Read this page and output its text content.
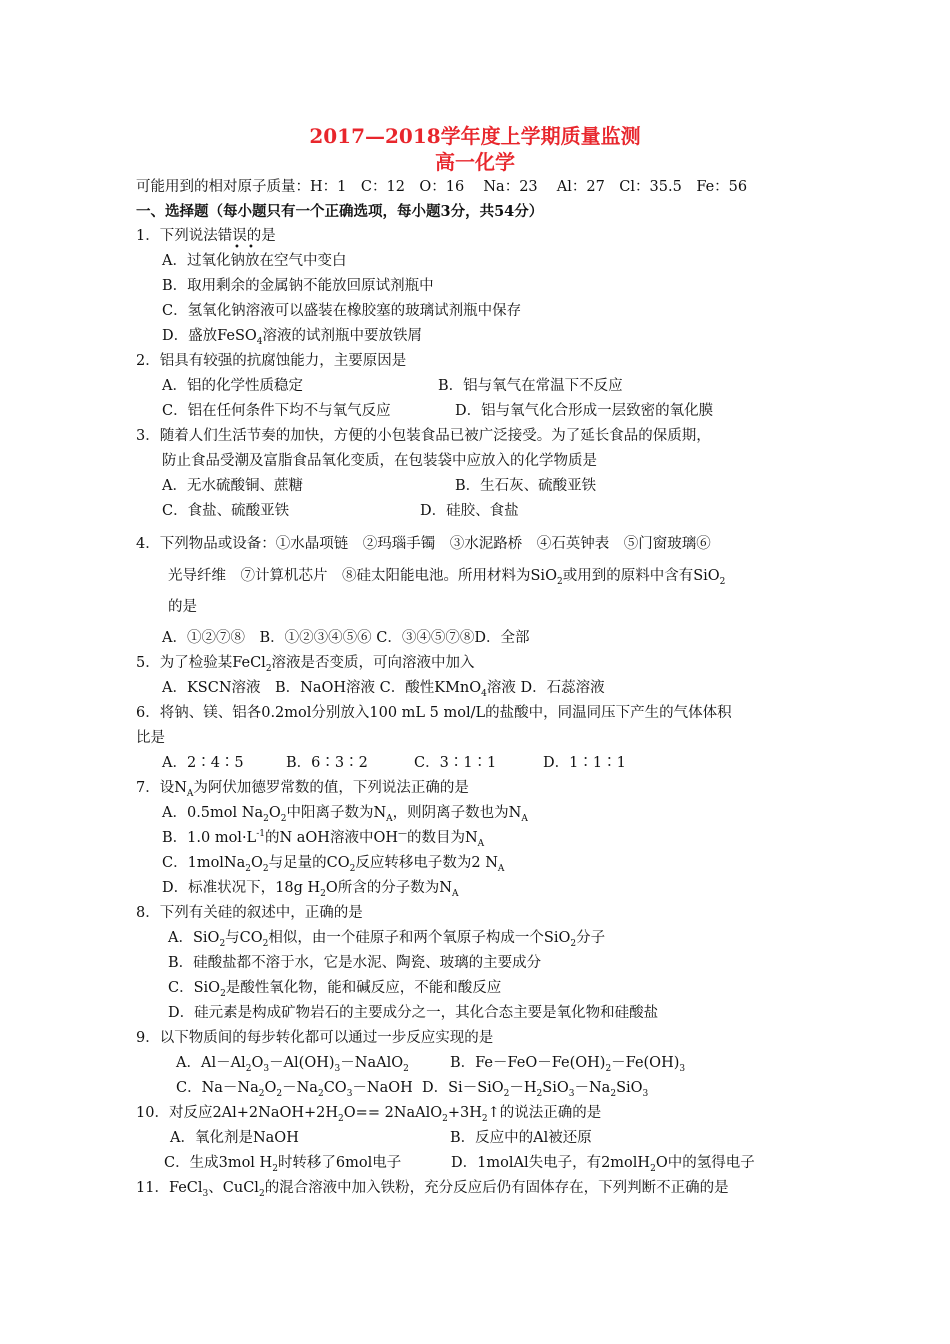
2017—2018学年度上学期质量监测
高一化学
可能用到的相对原子质量：H：1　C：12　O：16　 Na：23　 Al：27　Cl：35.5　Fe：56
一、选择题（每小题只有一个正确选项，每小题3分，共54分）
1．下列说法错误的是
• •
A．过氧化钠放在空气中变白
B．取用剩余的金属钠不能放回原试剂瓶中
C．氢氧化钠溶液可以盛装在橡胶塞的玻璃试剂瓶中保存
D．盛放FeSO$_4$溶液的试剂瓶中要放铁屑
2．铝具有较强的抗腐蚀能力，主要原因是
A．铝的化学性质稳定	B．铝与氧气在常温下不反应
C．铝在任何条件下均不与氧气反应	D．铝与氧气化合形成一层致密的氧化膜
3．随着人们生活节奏的加快，方便的小包装食品已被广泛接受。为了延长食品的保质期，
防止食品受潮及富脂食品氧化变质，在包装袋中应放入的化学物质是
A．无水硫酸铜、蔗糖	B．生石灰、硫酸亚铁
C．食盐、硫酸亚铁	D．硅胶、食盐
4．下列物品或设备：①水晶项链　②玛瑙手镯　③水泥路桥　④石英钟表　⑤门窗玻璃⑥
光导纤维　⑦计算机芯片　⑧硅太阳能电池。所用材料为SiO$_2$或用到的原料中含有SiO$_2$
的是
A．①②⑦⑧　B．①②③④⑤⑥ C．③④⑤⑦⑧D．全部
5．为了检验某FeCl$_2$溶液是否变质，可向溶液中加入
A．KSCN溶液　B．NaOH溶液 C．酸性KMnO$_4$溶液 D．石蕊溶液
6．将钠、镁、铝各0.2mol分别放入100 mL 5 mol/L的盐酸中，同温同压下产生的气体体积
比是
A．2∶4∶5	B．6∶3∶2	C．3∶1∶1	D．1∶1∶1
7．设$N_A$为阿伏加德罗常数的值，下列说法正确的是
A．0.5mol $Na_2O_2$中阳离子数为$N_A$，则阴离子数也为$N_A$
B．1.0 $mol\cdot L^{-1}$的N aOH溶液中OH—的数目为$N_A$
C．$1molNa_2O_2$与足量的$CO_2$反应转移电子数为2 $N_A$
D．标准状况下，18g $H_2O$所含的分子数为$N_A$
8．下列有关硅的叙述中，正确的是
A．SiO$_2$与$CO_2$相似，由一个硅原子和两个氧原子构成一个SiO$_2$分子
B．硅酸盐都不溶于水，它是水泥、陶瓷、玻璃的主要成分
C．SiO$_2$是酸性氧化物，能和碱反应，不能和酸反应
D．硅元素是构成矿物岩石的主要成分之一，其化合态主要是氧化物和硅酸盐
9．以下物质间的每步转化都可以通过一步反应实现的是
A．$Al-Al_2O_3-Al(OH)_3-NaAlO_2$	B．$Fe-FeO-Fe(OH)_2-Fe(OH)_3$
C．$Na-Na_2O_2-Na_2CO_3-NaOH$ D．$Si-SiO_2-H_2SiO_3-Na_2SiO_3$
10．对反应$2Al+2NaOH+2H_2O==$ $2NaAlO_2+3H_2↑$的说法正确的是
A．氧化剂是NaOH	B．反应中的Al被还原
C．生成3mol $H_2$时转移了6mol电子	D．1molAl失电子，有2molH$_2$O中的氢得电子
11．FeCl$_3$、CuCl$_2$的混合溶液中加入铁粉，充分反应后仍有固体存在，下列判断不正确的是
